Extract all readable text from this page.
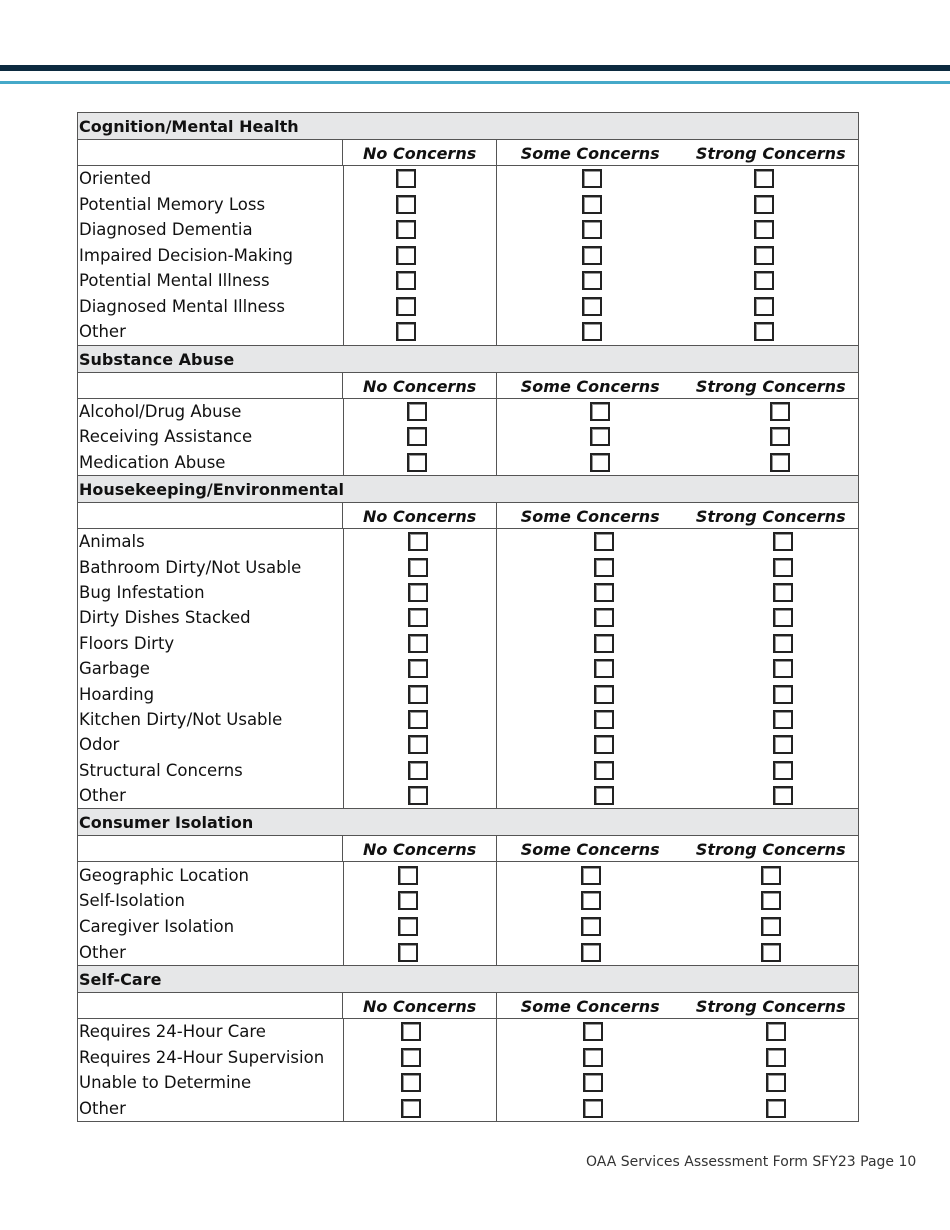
Cognition/Mental Health
No Concerns	Some Concerns	Strong Concerns
Oriented
Potential Memory Loss
Diagnosed Dementia
Impaired Decision-Making
Potential Mental Illness
Diagnosed Mental Illness
Other
Substance Abuse
No Concerns	Some Concerns	Strong Concerns
Alcohol/Drug Abuse
Receiving Assistance
Medication Abuse
Housekeeping/Environmental
No Concerns	Some Concerns	Strong Concerns
Animals
Bathroom Dirty/Not Usable
Bug Infestation
Dirty Dishes Stacked
Floors Dirty
Garbage
Hoarding
Kitchen Dirty/Not Usable
Odor
Structural Concerns
Other
Consumer Isolation
No Concerns	Some Concerns	Strong Concerns
Geographic Location
Self-Isolation
Caregiver Isolation
Other
Self-Care
No Concerns	Some Concerns	Strong Concerns
Requires 24-Hour Care
Requires 24-Hour Supervision
Unable to Determine
Other
OAA Services Assessment Form SFY23 Page 10
